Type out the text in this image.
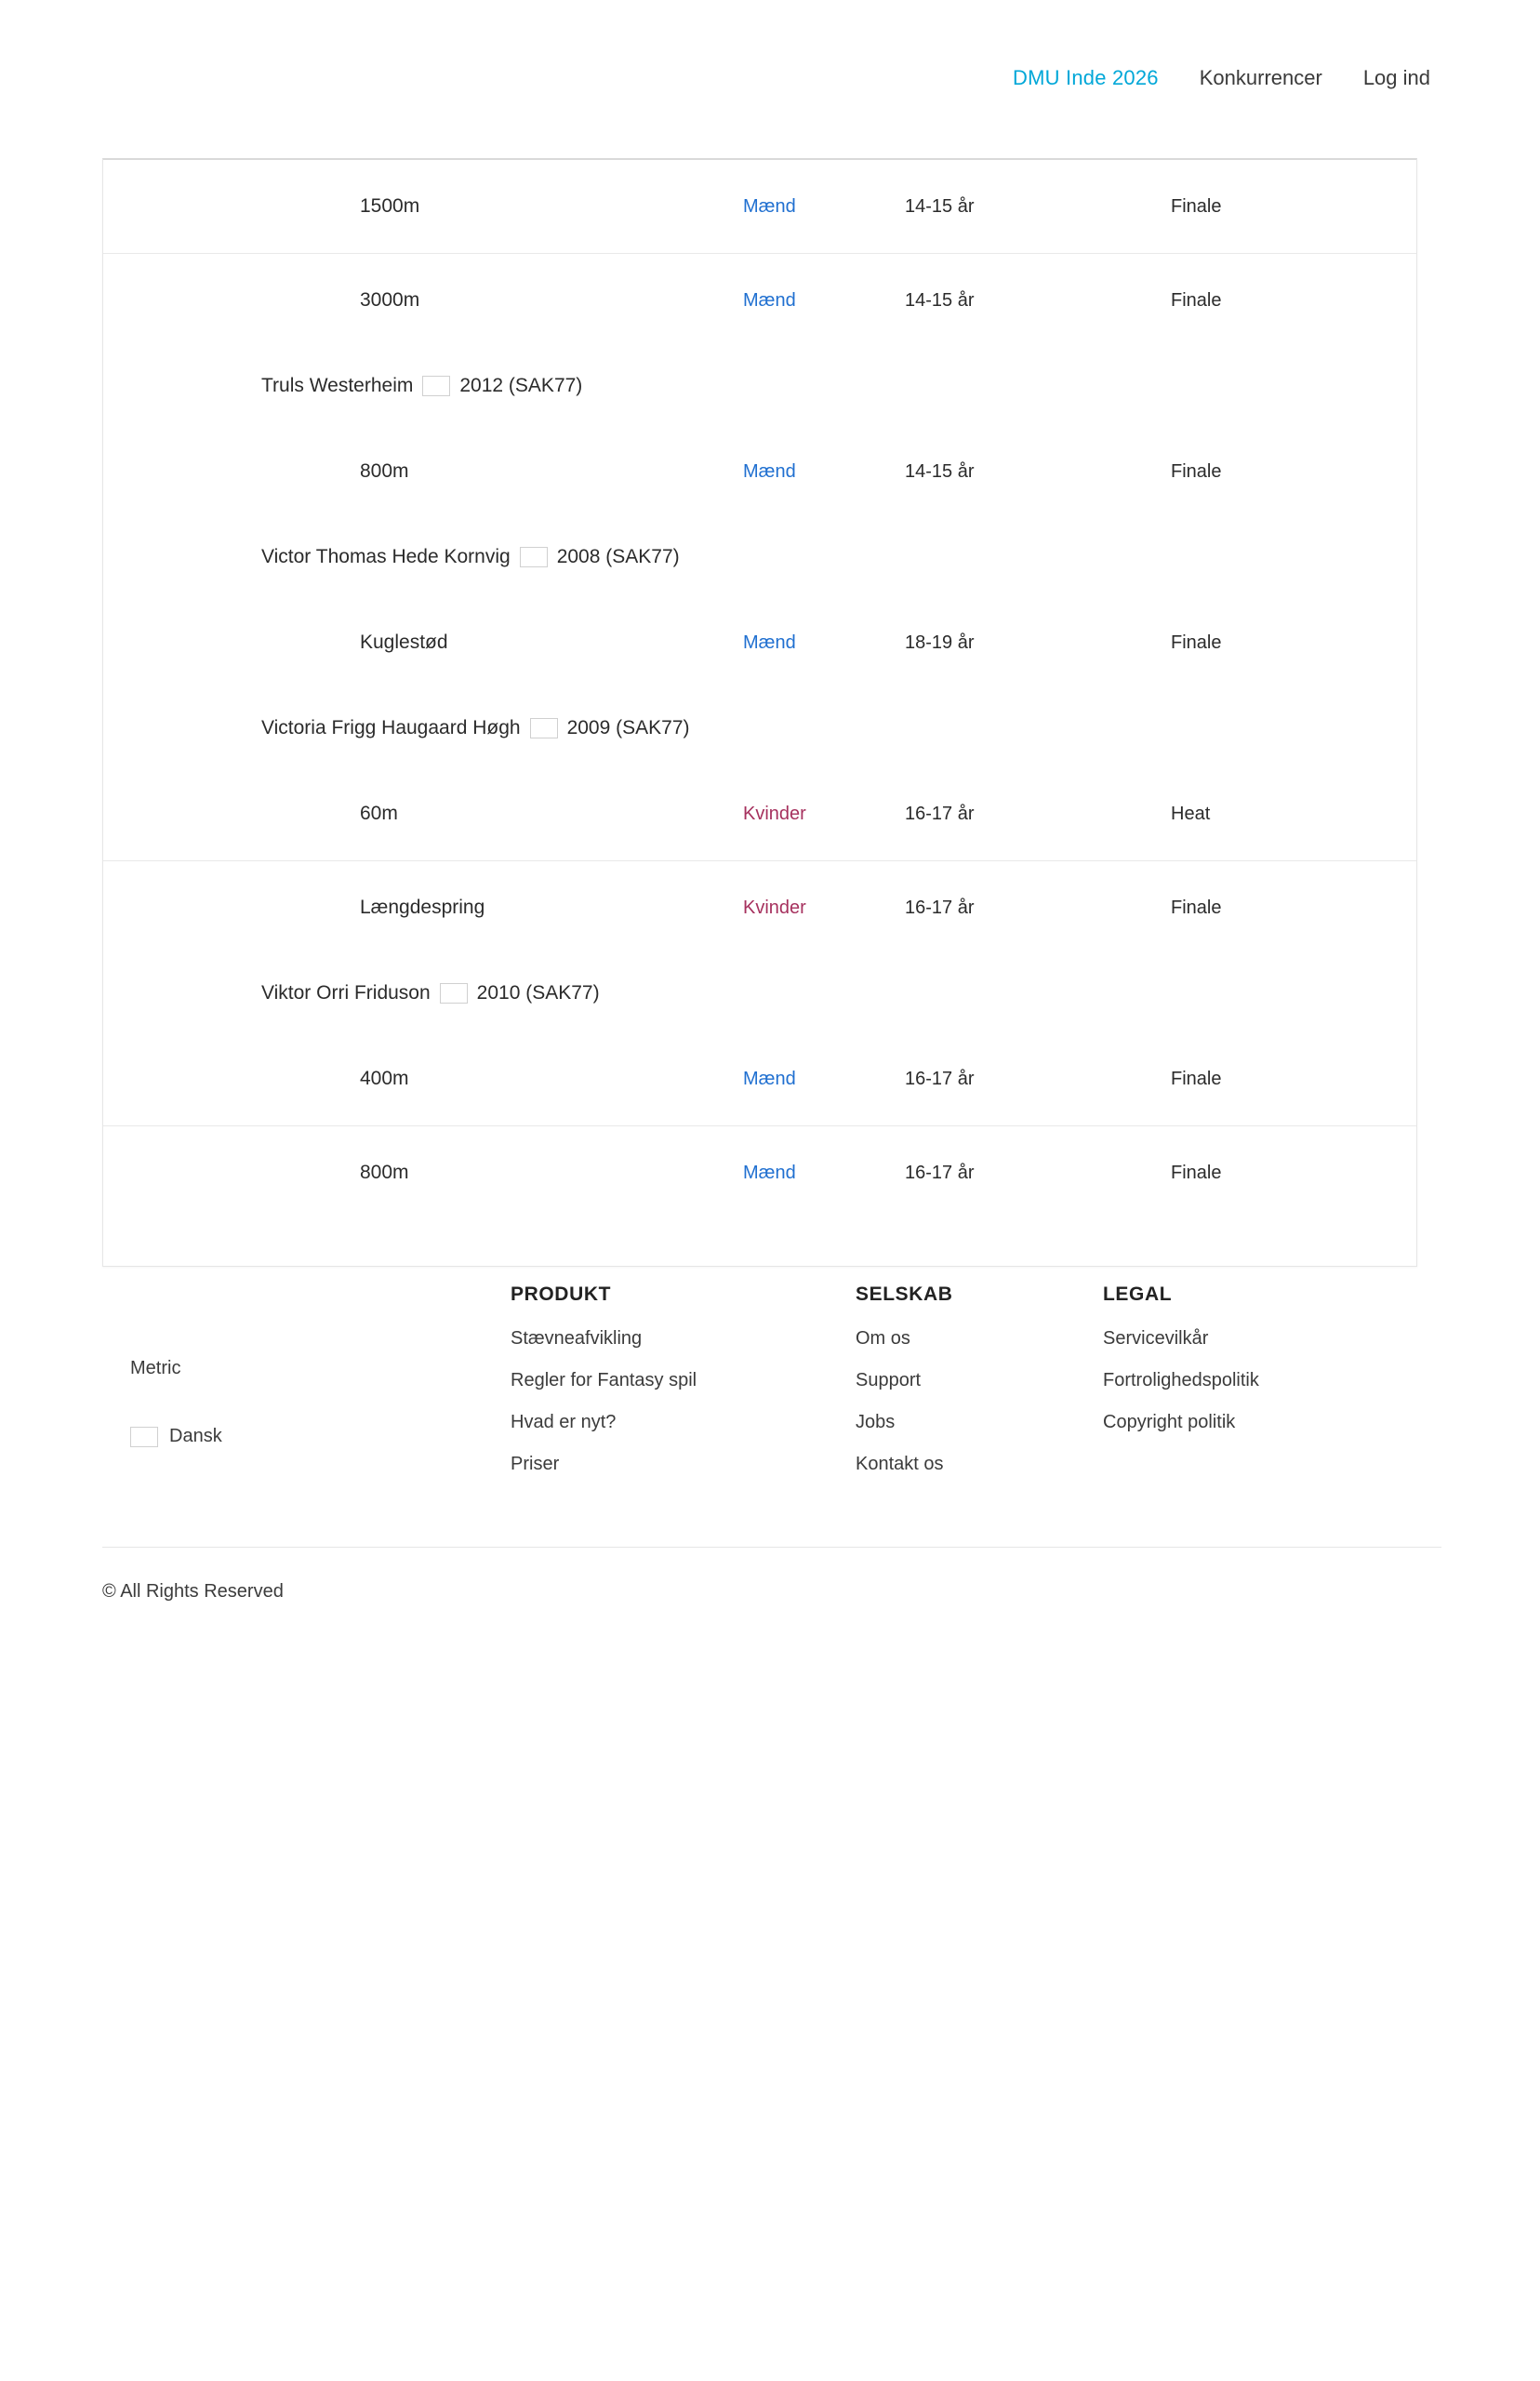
DMU Inde 2026 Konkurrencer Log ind
1500m	Mænd	14-15 år	Finale
3000m	Mænd	14-15 år	Finale
Truls Westerheim 2012 (SAK77)
800m	Mænd	14-15 år	Finale
Victor Thomas Hede Kornvig 2008 (SAK77)
Kuglestød	Mænd	18-19 år	Finale
Victoria Frigg Haugaard Høgh 2009 (SAK77)
60m	Kvinder	16-17 år	Heat
Længdespring	Kvinder	16-17 år	Finale
Viktor Orri Friduson 2010 (SAK77)
400m	Mænd	16-17 år	Finale
800m	Mænd	16-17 år	Finale
Metric
Dansk
PRODUKT
Stævneafvikling
Regler for Fantasy spil
Hvad er nyt?
Priser
SELSKAB
Om os
Support
Jobs
Kontakt os
LEGAL
Servicevilkår
Fortrolighedspolitik
Copyright politik
© All Rights Reserved
